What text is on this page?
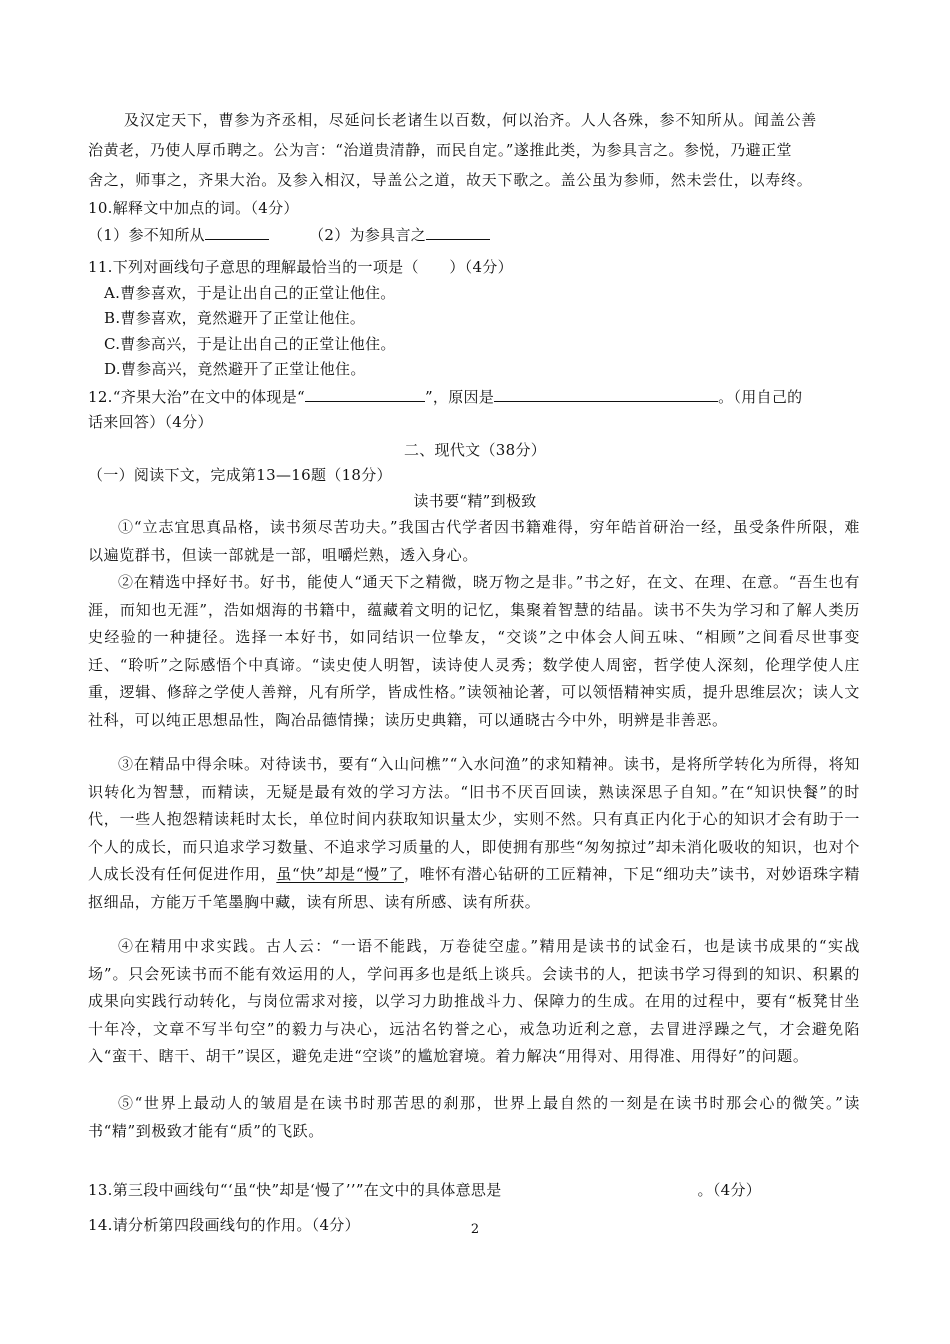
及汉定天下，曹参为齐丞相，尽延问长老诸生以百数，何以治齐。人人各殊，参不知所从。闻盖公善
治黄老，乃使人厚币聘之。公为言：“治道贵清静，而民自定。”遂推此类，为参具言之。参悦，乃避正堂
舍之，师事之，齐果大治。及参入相汉，导盖公之道，故天下歌之。盖公虽为参师，然未尝仕，以寿终。
10.解释文中加点的词。（4分）
（1）参不知所从	（2）为参具言之
11.下列对画线句子意思的理解最恰当的一项是（　　）（4分）
A.曹参喜欢，于是让出自己的正堂让他住。
B.曹参喜欢，竟然避开了正堂让他住。
C.曹参高兴，于是让出自己的正堂让他住。
D.曹参高兴，竟然避开了正堂让他住。
12.“齐果大治”在文中的体现是“	”，原因是	。（用自己的
话来回答）（4分）
二、现代文（38分）
（一）阅读下文，完成第13—16题（18分）
读书要“精”到极致
①“立志宜思真品格，读书须尽苦功夫。”我国古代学者因书籍难得，穷年皓首研治一经，虽受条件所限，难以遍览群书，但读一部就是一部，咀嚼烂熟，透入身心。
②在精选中择好书。好书，能使人“通天下之精微，晓万物之是非。”书之好，在文、在理、在意。“吾生也有涯，而知也无涯”，浩如烟海的书籍中，蕴藏着文明的记忆，集聚着智慧的结晶。读书不失为学习和了解人类历史经验的一种捷径。选择一本好书，如同结识一位挚友，“交谈”之中体会人间五味、“相顾”之间看尽世事变迁、“聆听”之际感悟个中真谛。“读史使人明智，读诗使人灵秀；数学使人周密，哲学使人深刻，伦理学使人庄重，逻辑、修辞之学使人善辩，凡有所学，皆成性格。”读领袖论著，可以领悟精神实质，提升思维层次；读人文社科，可以纯正思想品性，陶冶品德情操；读历史典籍，可以通晓古今中外，明辨是非善恶。
③在精品中得余味。对待读书，要有“入山问樵”“入水问渔”的求知精神。读书，是将所学转化为所得，将知识转化为智慧，而精读，无疑是最有效的学习方法。“旧书不厌百回读，熟读深思子自知。”在“知识快餐”的时代，一些人抱怨精读耗时太长，单位时间内获取知识量太少，实则不然。只有真正内化于心的知识才会有助于一个人的成长，而只追求学习数量、不追求学习质量的人，即使拥有那些“匆匆掠过”却未消化吸收的知识，也对个人成长没有任何促进作用，虽“快”却是“慢”了，唯怀有潜心钻研的工匠精神，下足“细功夫”读书，对妙语珠字精抠细品，方能万千笔墨胸中藏，读有所思、读有所感、读有所获。
④在精用中求实践。古人云：“一语不能践，万卷徒空虚。”精用是读书的试金石，也是读书成果的“实战场”。只会死读书而不能有效运用的人，学问再多也是纸上谈兵。会读书的人，把读书学习得到的知识、积累的成果向实践行动转化，与岗位需求对接，以学习力助推战斗力、保障力的生成。在用的过程中，要有“板凳甘坐十年冷，文章不写半句空”的毅力与决心，远沽名钓誉之心，戒急功近利之意，去冒进浮躁之气，才会避免陷入“蛮干、瞎干、胡干”误区，避免走进“空谈”的尴尬窘境。着力解决“用得对、用得准、用得好”的问题。
⑤“世界上最动人的皱眉是在读书时那苦思的刹那，世界上最自然的一刻是在读书时那会心的微笑。”读书“精”到极致才能有“质”的飞跃。
13.第三段中画线句“‘虽“快”却是‘慢了’’”在文中的具体意思是	。（4分）
14.请分析第四段画线句的作用。（4分）	2
